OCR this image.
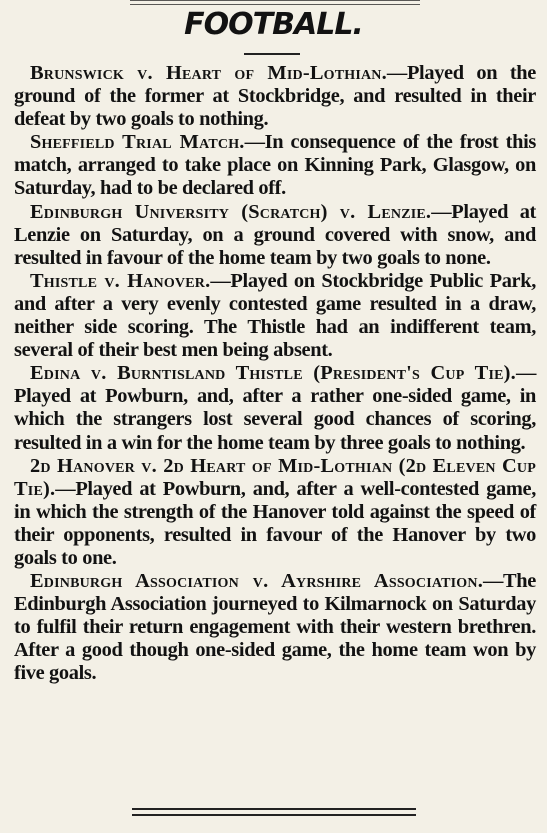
FOOTBALL.

Brunswick v. Heart of Mid-Lothian.—Played on the ground of the former at Stockbridge, and resulted in their defeat by two goals to nothing.

Sheffield Trial Match.—In consequence of the frost this match, arranged to take place on Kinning Park, Glasgow, on Saturday, had to be declared off.

Edinburgh University (Scratch) v. Lenzie.—Played at Lenzie on Saturday, on a ground covered with snow, and resulted in favour of the home team by two goals to none.

Thistle v. Hanover.—Played on Stockbridge Public Park, and after a very evenly contested game resulted in a draw, neither side scoring. The Thistle had an indifferent team, several of their best men being absent.

Edina v. Burntisland Thistle (President's Cup Tie).—Played at Powburn, and, after a rather one-sided game, in which the strangers lost several good chances of scoring, resulted in a win for the home team by three goals to nothing.

2d Hanover v. 2d Heart of Mid-Lothian (2d Eleven Cup Tie).—Played at Powburn, and, after a well-contested game, in which the strength of the Hanover told against the speed of their opponents, resulted in favour of the Hanover by two goals to one.

Edinburgh Association v. Ayrshire Association.—The Edinburgh Association journeyed to Kilmarnock on Saturday to fulfil their return engagement with their western brethren. After a good though one-sided game, the home team won by five goals.
